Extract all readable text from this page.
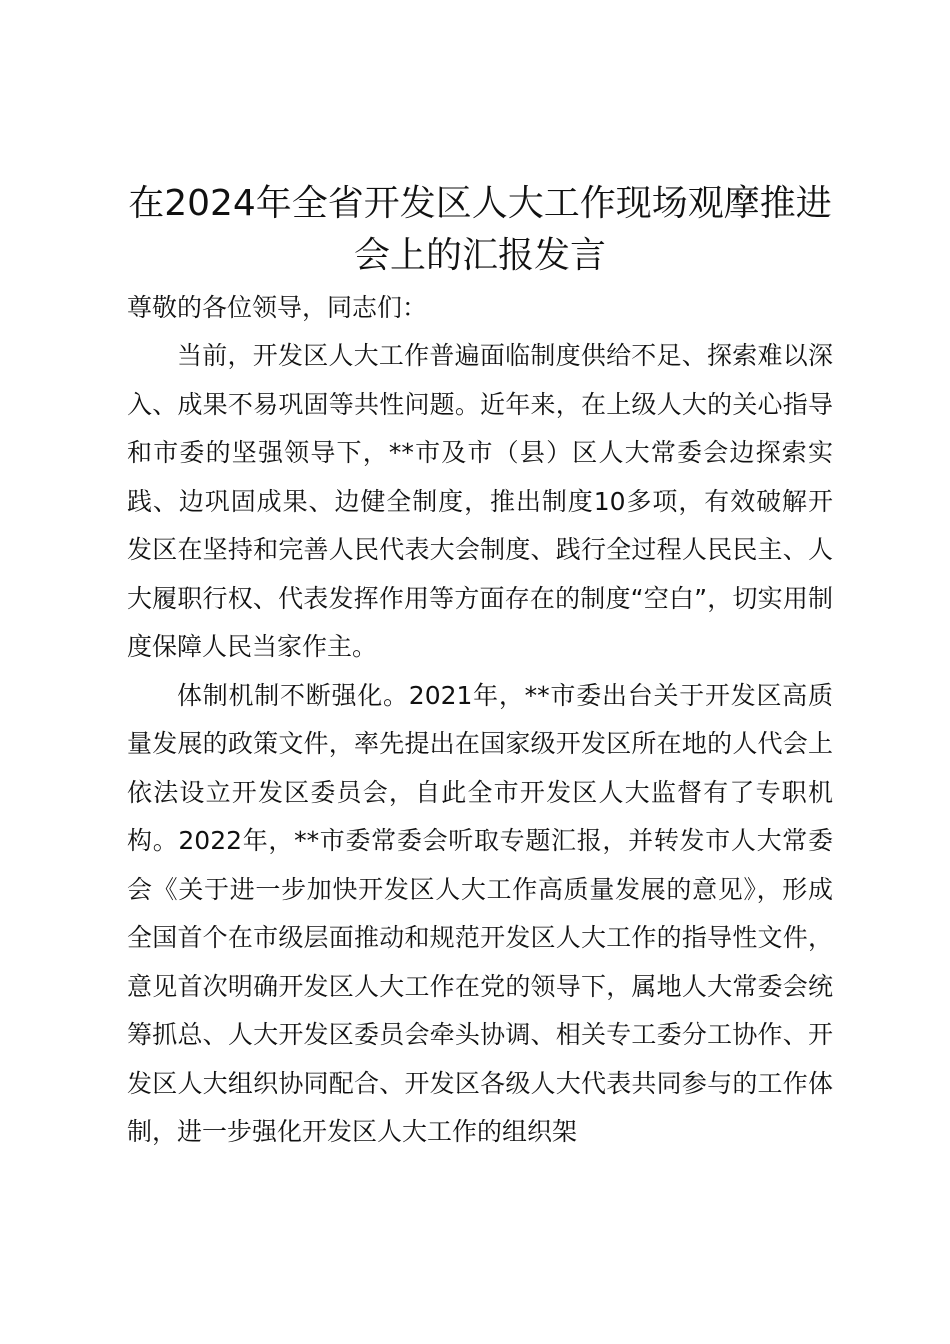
在2024年全省开发区人大工作现场观摩推进会上的汇报发言

尊敬的各位领导，同志们：

当前，开发区人大工作普遍面临制度供给不足、探索难以深入、成果不易巩固等共性问题。近年来，在上级人大的关心指导和市委的坚强领导下，**市及市（县）区人大常委会边探索实践、边巩固成果、边健全制度，推出制度10多项，有效破解开发区在坚持和完善人民代表大会制度、践行全过程人民民主、人大履职行权、代表发挥作用等方面存在的制度“空白”，切实用制度保障人民当家作主。

体制机制不断强化。2021年，**市委出台关于开发区高质量发展的政策文件，率先提出在国家级开发区所在地的人代会上依法设立开发区委员会，自此全市开发区人大监督有了专职机构。2022年，**市委常委会听取专题汇报，并转发市人大常委会《关于进一步加快开发区人大工作高质量发展的意见》，形成全国首个在市级层面推动和规范开发区人大工作的指导性文件，意见首次明确开发区人大工作在党的领导下，属地人大常委会统筹抓总、人大开发区委员会牵头协调、相关专工委分工协作、开发区人大组织协同配合、开发区各级人大代表共同参与的工作体制，进一步强化开发区人大工作的组织架
